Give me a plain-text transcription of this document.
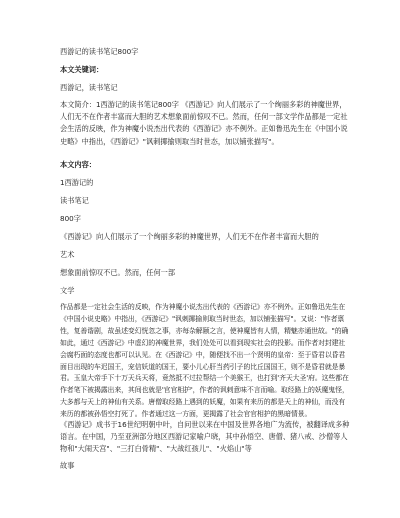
西游记的读书笔记800字
本文关键词：
西游记，读书笔记
本文简介：1西游记的读书笔记800字 《西游记》向人们展示了一个绚丽多彩的神魔世界，人们无不在作者丰富而大胆的艺术想象面前惊叹不已。然而，任何一部文学作品都是一定社会生活的反映，作为神魔小说杰出代表的《西游记》亦不例外。正如鲁迅先生在《中国小说史略》中指出，《西游记》"讽刺揶揄则取当时世态，加以铺张描写"。
本文内容：
1西游记的
读书笔记
800字
《西游记》向人们展示了一个绚丽多彩的神魔世界，人们无不在作者丰富而大胆的
艺术
想象面前惊叹不已。然而，任何一部
文学
作品都是一定社会生活的反映，作为神魔小说杰出代表的《西游记》亦不例外。正如鲁迅先生在《中国小说史略》中指出，《西游记》"讽刺揶揄则取当时世态，加以铺张描写"。又说："作者禀性，复善谐剧，故虽述变幻恍忽之事，亦每杂解颐之言，使神魔皆有人情，精魅亦通世故。"的确如此，通过《西游记》中虚幻的神魔世界，我们处处可以看到现实社会的投影。而作者对封建社会腐朽面的态度也都可以认见。在《西游记》中，随便找不出一个贤明的皇帝：至于昏君以昏君面目出现的车迟国王，宠信妖道的国王，要小儿心肝当药引子的比丘国国王，则不是昏君就是暴君。玉皇大帝手下十万天兵天将，竟然抵不过拉帮结一个美猴王，也打到'齐天大圣'府。这些都在作者笔下被揭露出来，其间也就是'官官相护'，作者的讽刺意味不言而喻。取经路上的妖魔鬼怪，大多都与天上的神仙有关系。唐僧取经路上遇到的妖魔，如果有来历的都是天上的神仙，而没有来历的都被孙悟空打死了。作者通过这一方面，更揭露了社会官官相护的黑暗情景。
《西游记》成书于16世纪明朝中叶，自问世以来在中国及世界各地广为流传，被翻译成多种语言。在中国，乃至亚洲部分地区西游记家喻户晓，其中孙悟空、唐僧、猪八戒、沙僧等人物和"大闹天宫"、"三打白骨精"、"大战红孩儿"、"火焰山"等
故事
